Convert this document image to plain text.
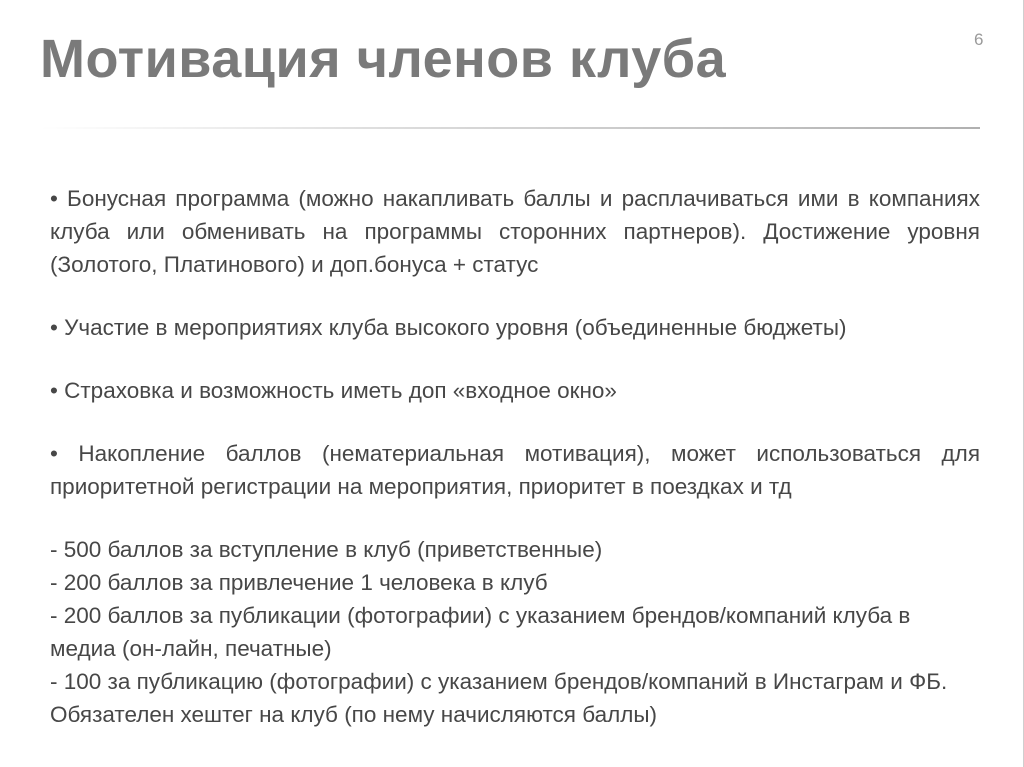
Мотивация членов клуба	6

• Бонусная программа (можно накапливать баллы и расплачиваться ими в компаниях клуба или обменивать на программы сторонних партнеров). Достижение уровня (Золотого, Платинового) и доп.бонуса + статус

• Участие в мероприятиях клуба высокого уровня (объединенные бюджеты)

• Страховка и возможность иметь доп «входное окно»

• Накопление баллов (нематериальная мотивация), может использоваться для приоритетной регистрации на мероприятия, приоритет в поездках и тд

- 500 баллов за вступление в клуб (приветственные)
- 200 баллов за привлечение 1 человека в клуб
- 200 баллов за публикации (фотографии) с указанием брендов/компаний клуба в медиа (он-лайн, печатные)
- 100 за публикацию (фотографии) с указанием брендов/компаний в Инстаграм и ФБ. Обязателен хештег на клуб (по нему начисляются баллы)
